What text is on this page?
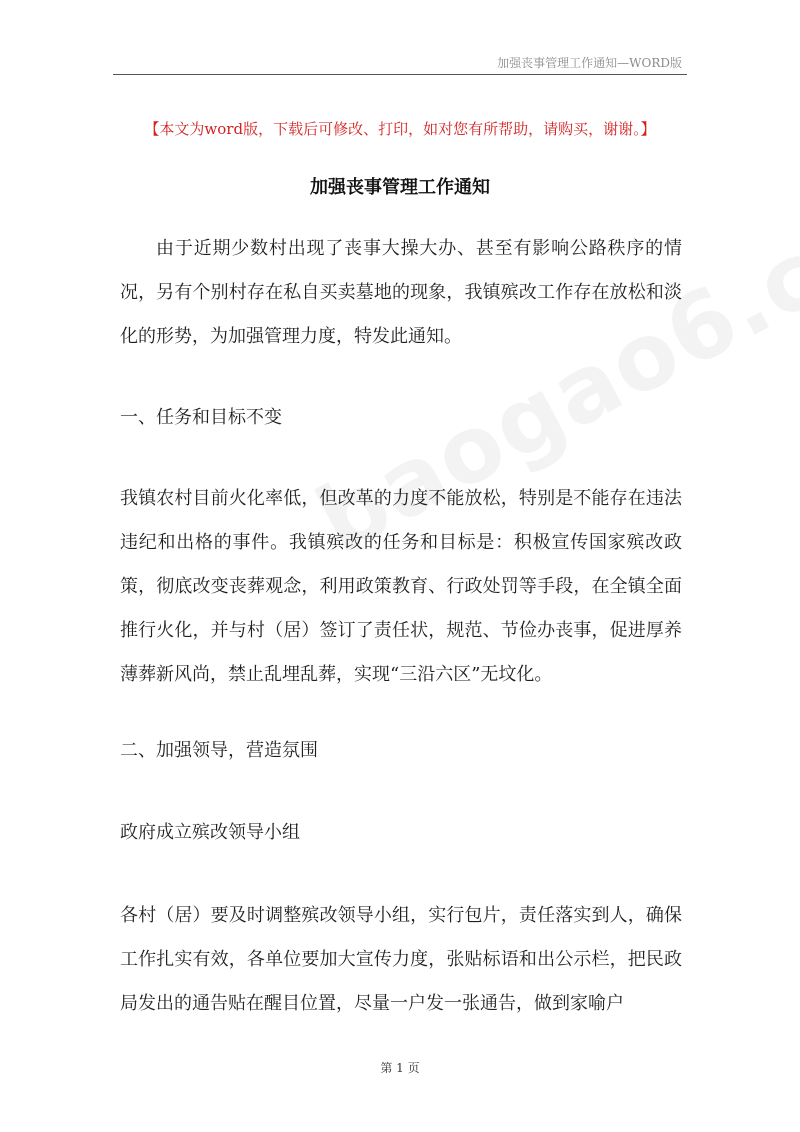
加强丧事管理工作通知—WORD版
【本文为word版，下载后可修改、打印，如对您有所帮助，请购买，谢谢。】
加强丧事管理工作通知

由于近期少数村出现了丧事大操大办、甚至有影响公路秩序的情况，另有个别村存在私自买卖墓地的现象，我镇殡改工作存在放松和淡化的形势，为加强管理力度，特发此通知。

一、任务和目标不变

我镇农村目前火化率低，但改革的力度不能放松，特别是不能存在违法违纪和出格的事件。我镇殡改的任务和目标是：积极宣传国家殡改政策，彻底改变丧葬观念，利用政策教育、行政处罚等手段，在全镇全面推行火化，并与村（居）签订了责任状，规范、节俭办丧事，促进厚养薄葬新风尚，禁止乱埋乱葬，实现“三沿六区”无坟化。

二、加强领导，营造氛围

政府成立殡改领导小组

各村（居）要及时调整殡改领导小组，实行包片，责任落实到人，确保工作扎实有效，各单位要加大宣传力度，张贴标语和出公示栏，把民政局发出的通告贴在醒目位置，尽量一户发一张通告，做到家喻户

第 1 页
